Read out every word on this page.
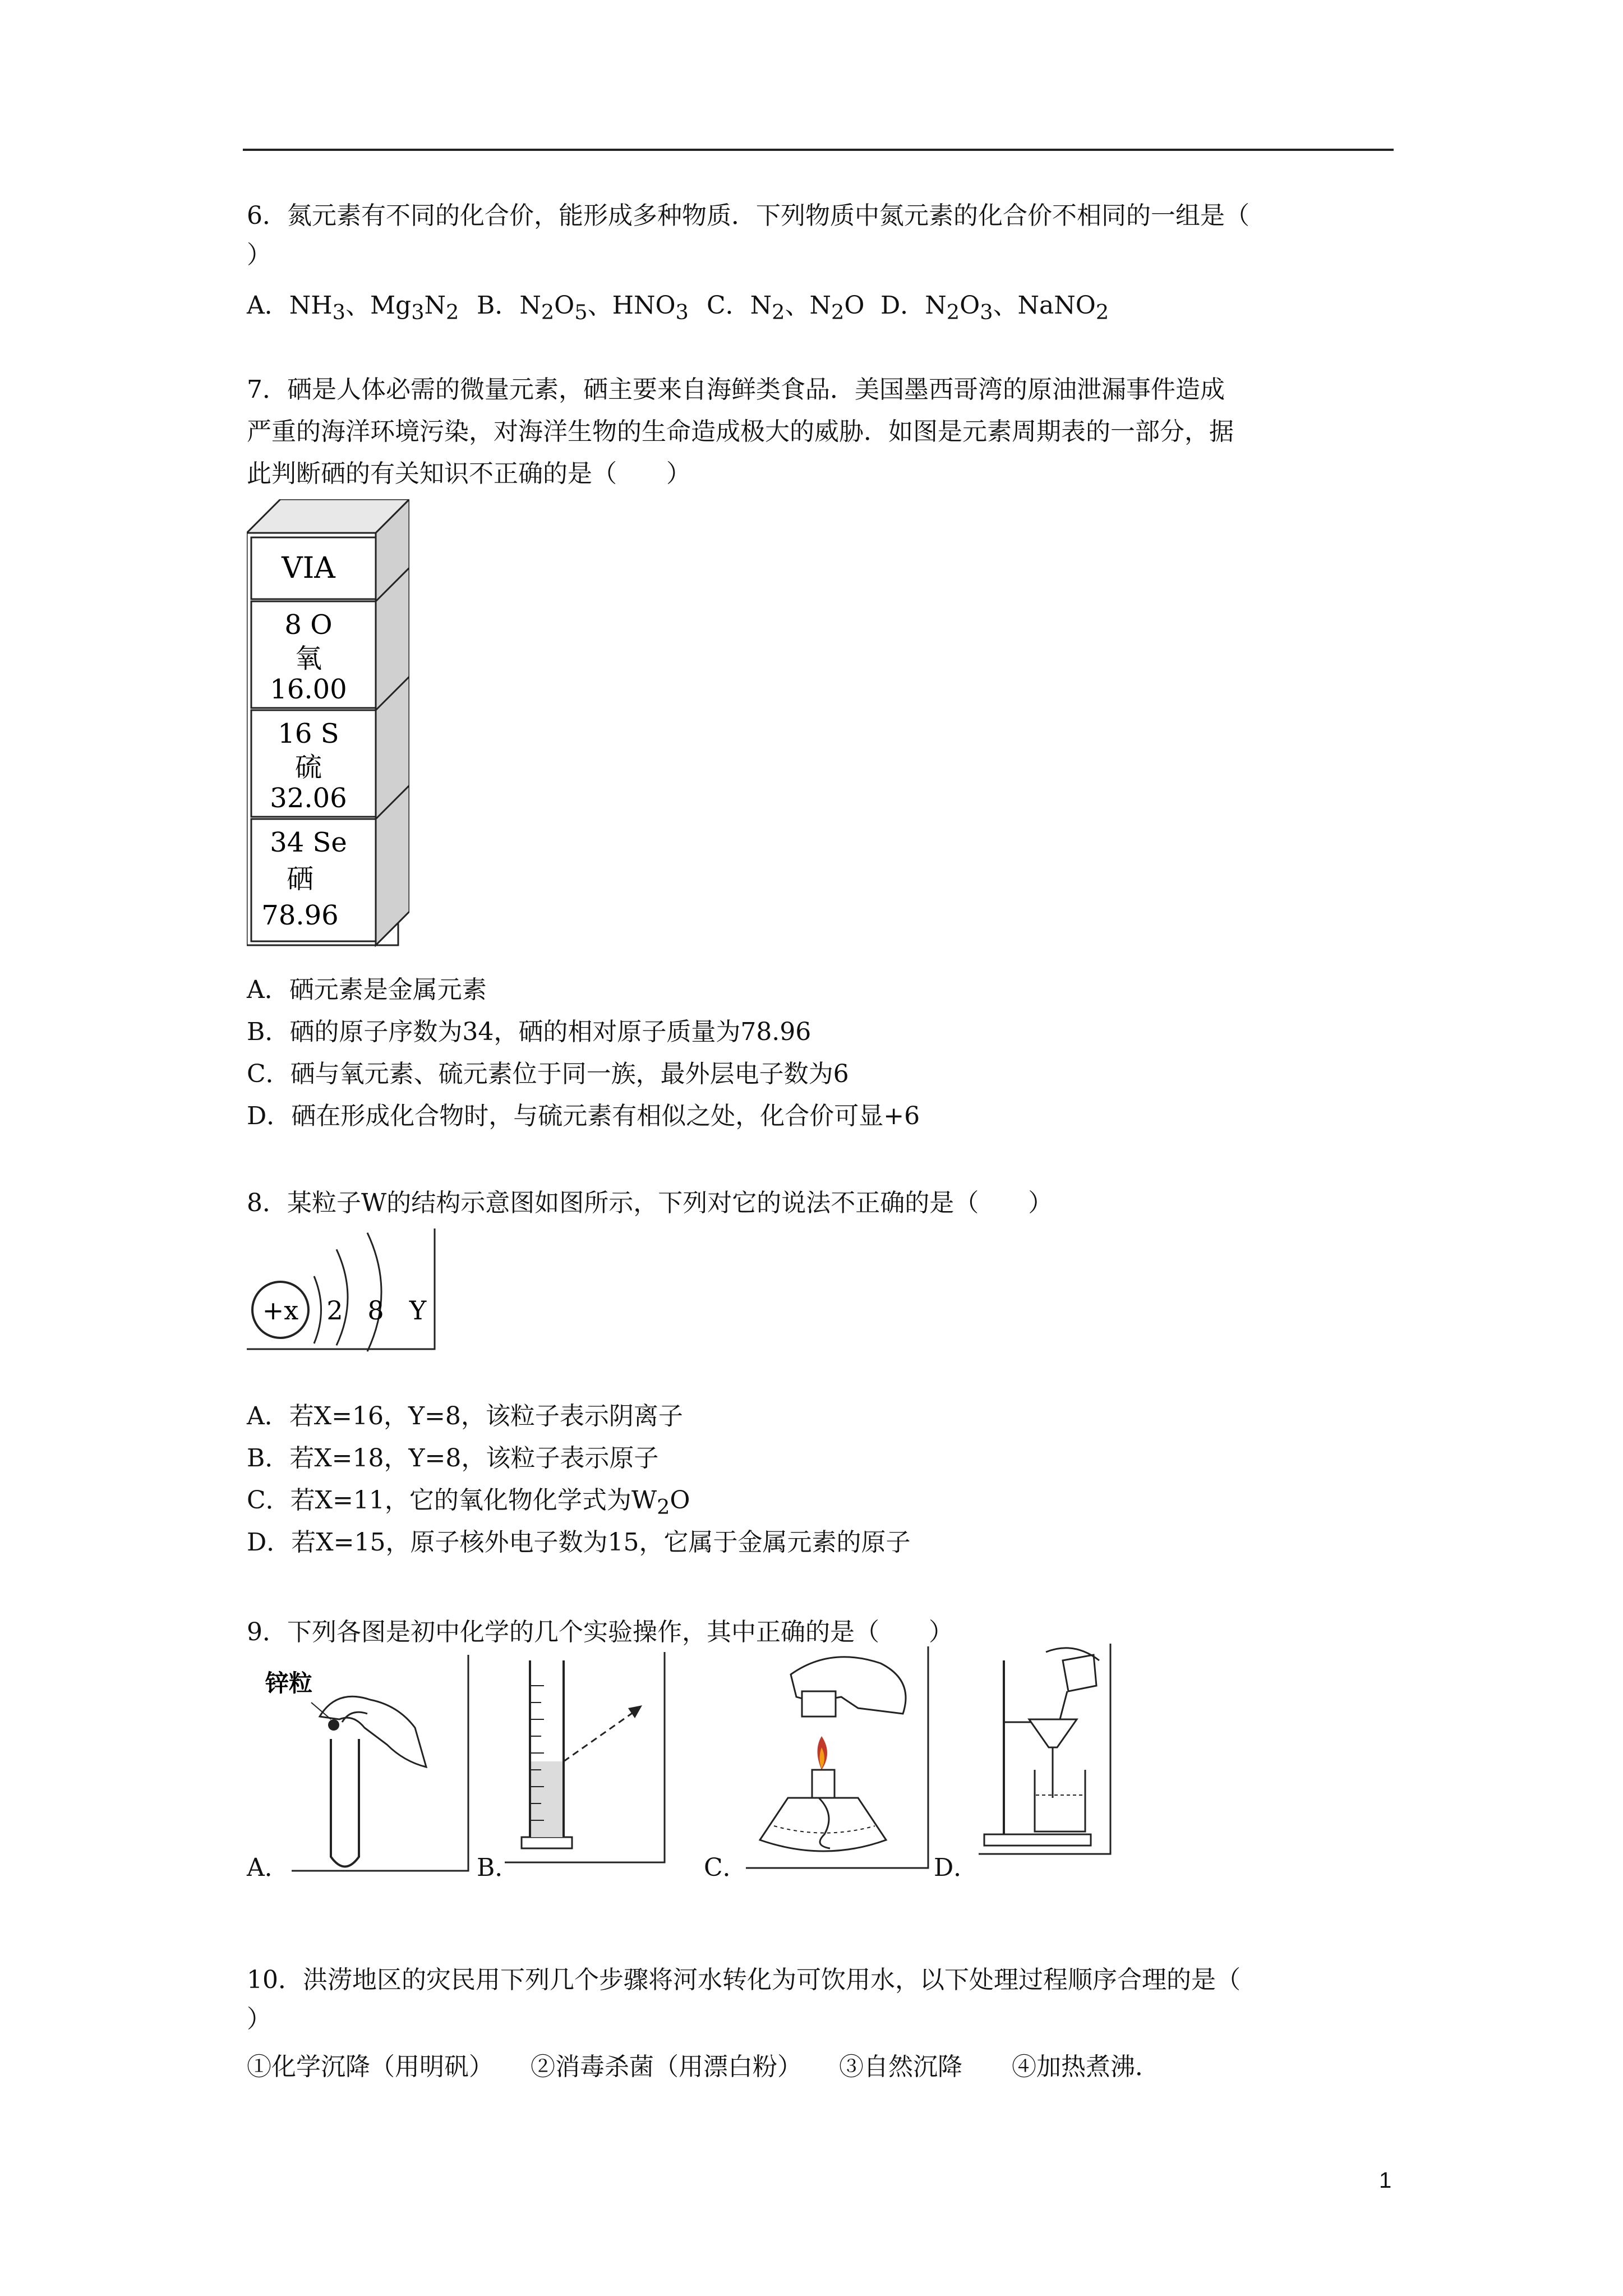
6．氮元素有不同的化合价，能形成多种物质．下列物质中氮元素的化合价不相同的一组是（
）
A．$NH_3$、$Mg_3N_2$ B．$N_2O_5$、$HNO_3$ C．$N_2$、$N_2O$ D．$N_2O_3$、NaNO$_2$
7．硒是人体必需的微量元素，硒主要来自海鲜类食品．美国墨西哥湾的原油泄漏事件造成
严重的海洋环境污染，对海洋生物的生命造成极大的威胁．如图是元素周期表的一部分，据
此判断硒的有关知识不正确的是（　　）
VIA
8 O
氧
16.00
16 S
硫
32.06
34 Se
硒
78.96
A．硒元素是金属元素
B．硒的原子序数为34，硒的相对原子质量为78.96
C．硒与氧元素、硫元素位于同一族，最外层电子数为6
D．硒在形成化合物时，与硫元素有相似之处，化合价可显+6
8．某粒子W的结构示意图如图所示，下列对它的说法不正确的是（　　）
+x 2 8 Y
A．若X=16，Y=8，该粒子表示阴离子
B．若X=18，Y=8，该粒子表示原子
C．若X=11，它的氧化物化学式为$W_2O$
D．若X=15，原子核外电子数为15，它属于金属元素的原子
9．下列各图是初中化学的几个实验操作，其中正确的是（　　）
锌粒
A．	B．	C．	D．
10．洪涝地区的灾民用下列几个步骤将河水转化为可饮用水，以下处理过程顺序合理的是（
）
①化学沉降（用明矾）　　②消毒杀菌（用漂白粉）　　③自然沉降　　④加热煮沸．
1
